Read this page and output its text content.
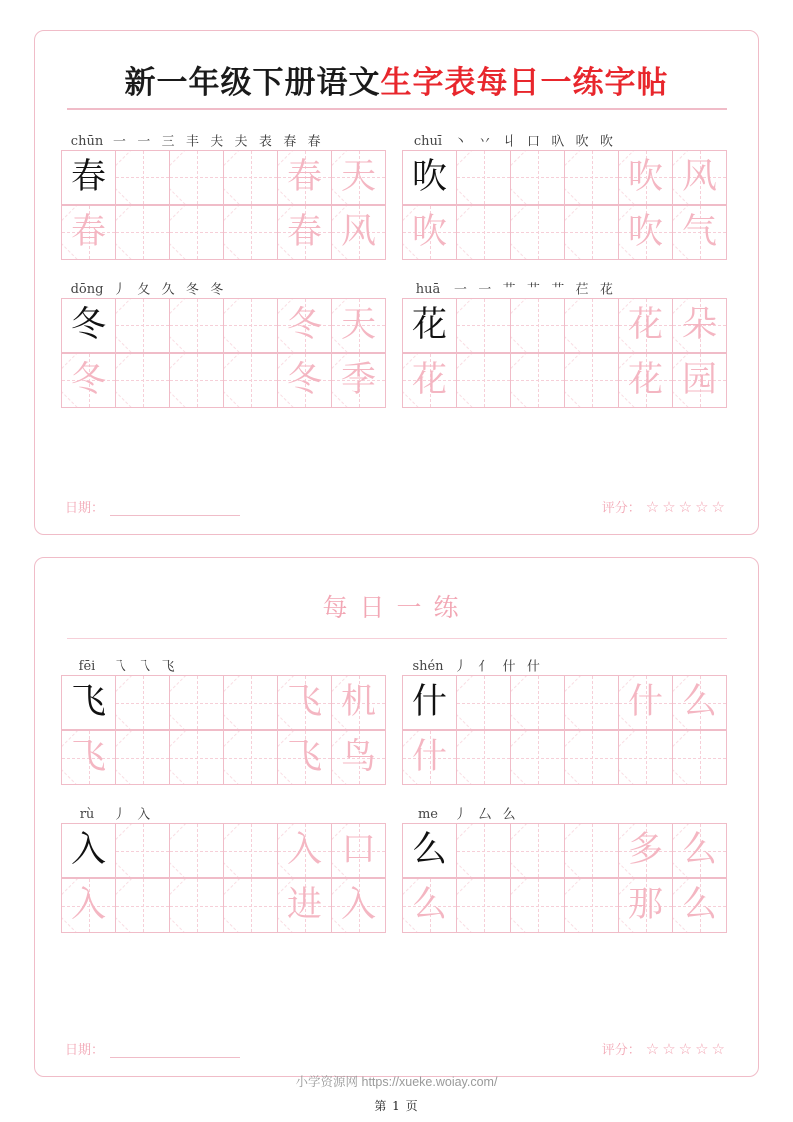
新一年级下册语文生字表每日一练字帖
chūn 一 一 三 丰 夫 夫 表 春 春
春	春 天
春	春 风
chuī 丶 丷 丩 口 叺 吹 吹
吹	吹 风
吹	吹 气
dōng 丿 夂 久 冬 冬
冬	冬 天
冬	冬 季
huā 一 一 艹 艹 艹 芢 花
花	花 朵
花	花 园
日期：	评分： ☆☆☆☆☆
每日一练
fēi	乁 乁 飞
飞	飞 机
飞	飞 鸟
shén 丿 亻 什 什
什	什 么
什
rù	丿 入
入	入 口
入	进 入
me	丿 厶 么
么	多 么
么	那 么
日期：	评分： ☆☆☆☆☆
小学资源网 https://xueke.woiay.com/
第 1 页
